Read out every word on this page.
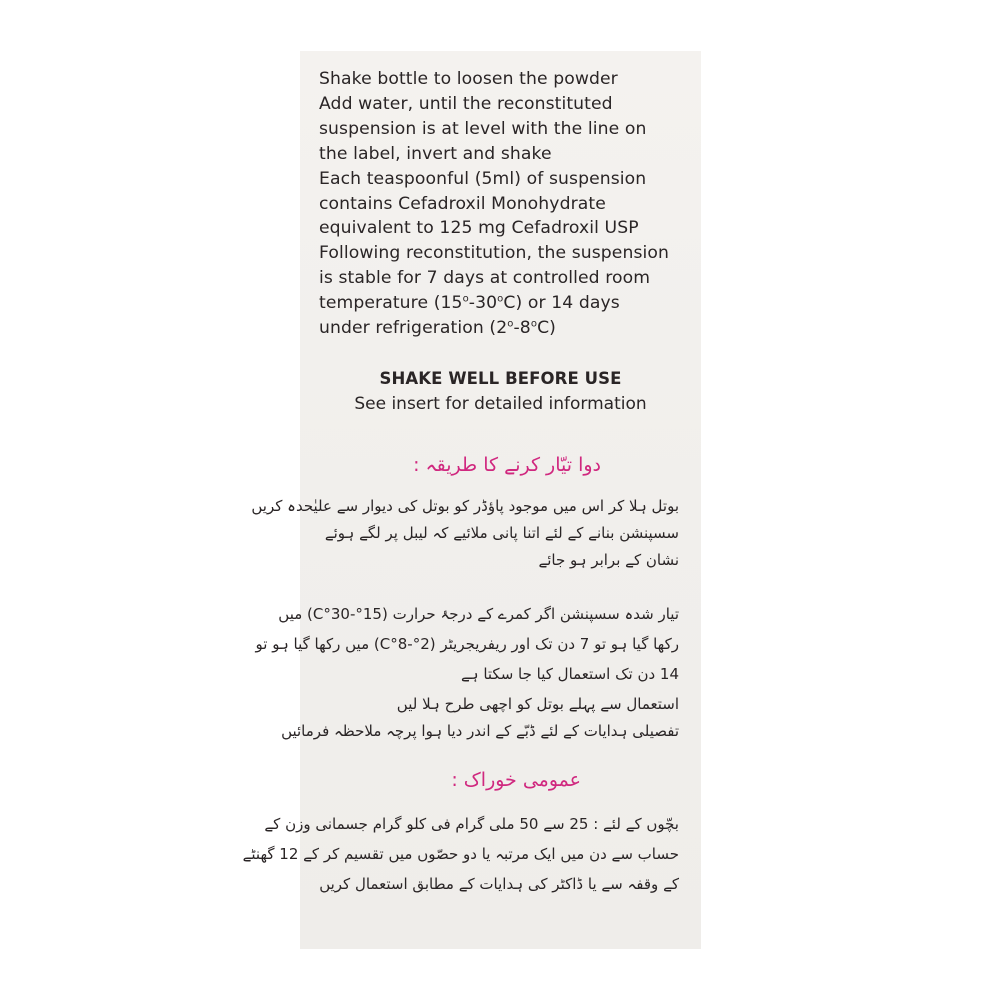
Shake bottle to loosen the powder
Add water, until the reconstituted
suspension is at level with the line on
the label, invert and shake
Each teaspoonful (5ml) of suspension
contains Cefadroxil Monohydrate
equivalent to 125 mg Cefadroxil USP
Following reconstitution, the suspension
is stable for 7 days at controlled room
temperature (15$^o$-30$^o$C) or 14 days
under refrigeration (2$^o$-8$^o$C)
SHAKE WELL BEFORE USE
See insert for detailed information
دوا تیّار کرنے کا طریقہ :
بوتل ہلا کر اس میں موجود پاؤڈر کو بوتل کی دیوار سے علیٰحدہ کریں
سسپنشن بنانے کے لئے اتنا پانی ملائیے کہ لیبل پر لگے ہوئے
نشان کے برابر ہو جائے
تیار شدہ سسپنشن اگر کمرے کے درجۂ حرارت (15°-30°C) میں
رکھا گیا ہو تو 7 دن تک اور ریفریجریٹر (2°-8°C) میں رکھا گیا ہو تو
14 دن تک استعمال کیا جا سکتا ہے
استعمال سے پہلے بوتل کو اچھی طرح ہلا لیں
تفصیلی ہدایات کے لئے ڈبّے کے اندر دیا ہوا پرچہ ملاحظہ فرمائیں
عمومی خوراک :
بچّوں کے لئے : 25 سے 50 ملی گرام فی کلو گرام جسمانی وزن کے
حساب سے دن میں ایک مرتبہ یا دو حصّوں میں تقسیم کر کے 12 گھنٹے
کے وقفہ سے یا ڈاکٹر کی ہدایات کے مطابق استعمال کریں
